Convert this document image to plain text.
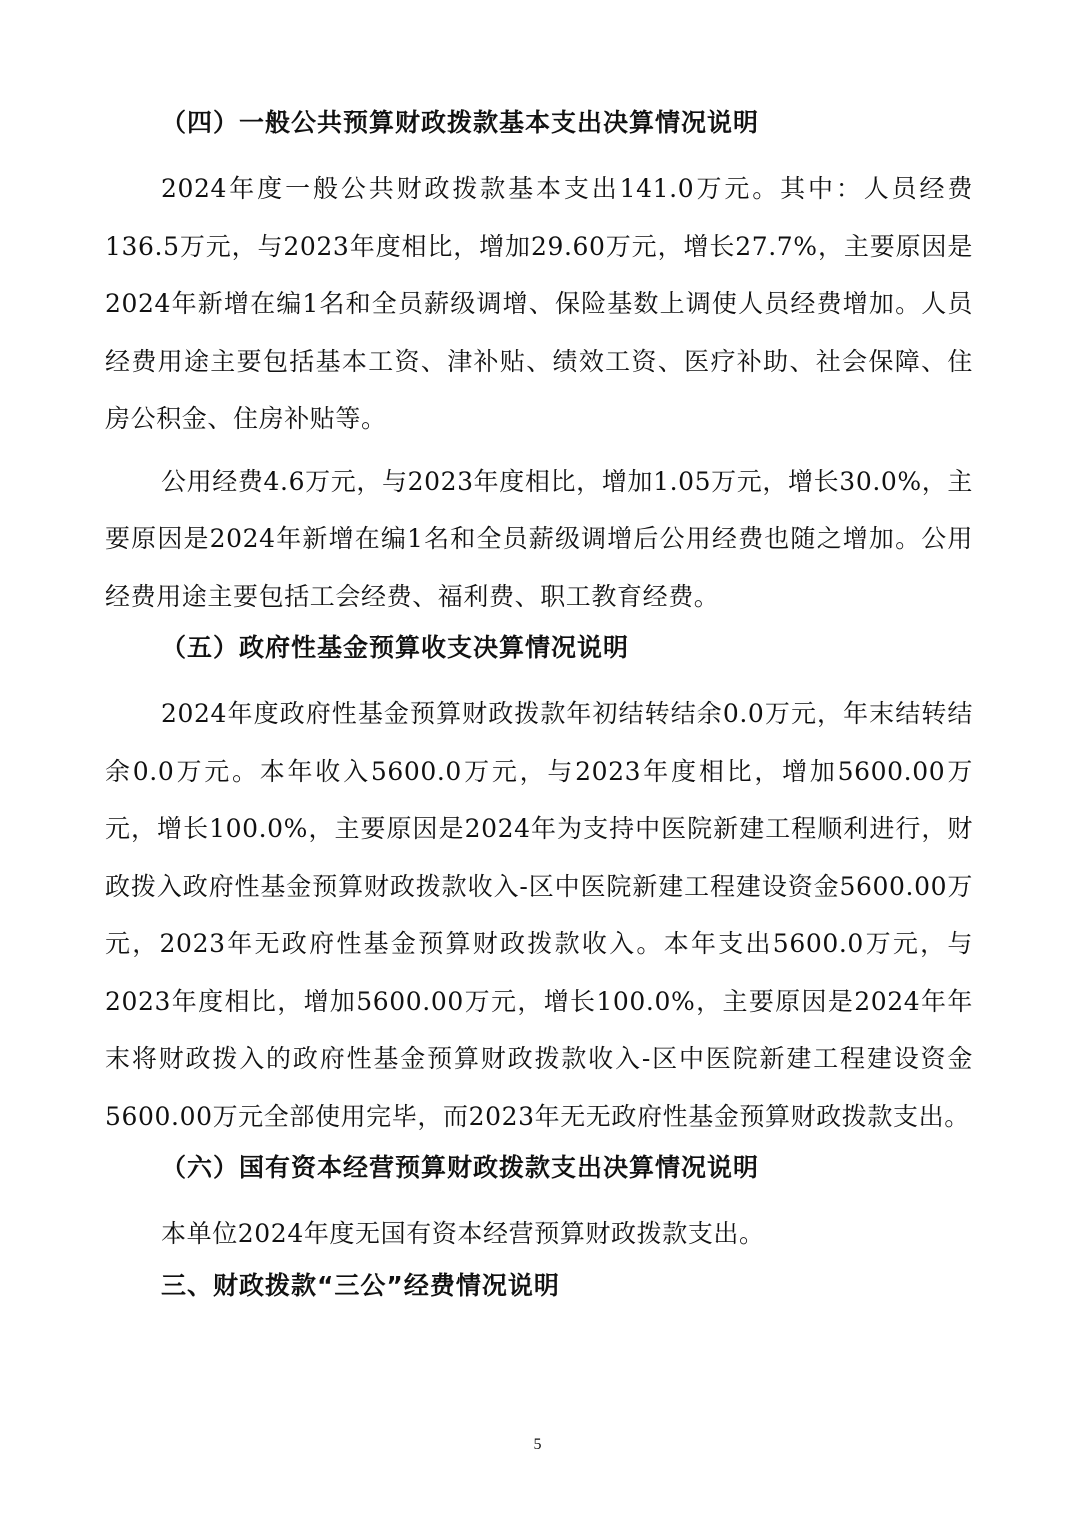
（四）一般公共预算财政拨款基本支出决算情况说明

2024年度一般公共财政拨款基本支出141.0万元。其中：人员经费136.5万元，与2023年度相比，增加29.60万元，增长27.7%，主要原因是2024年新增在编1名和全员薪级调增、保险基数上调使人员经费增加。人员经费用途主要包括基本工资、津补贴、绩效工资、医疗补助、社会保障、住房公积金、住房补贴等。

公用经费4.6万元，与2023年度相比，增加1.05万元，增长30.0%，主要原因是2024年新增在编1名和全员薪级调增后公用经费也随之增加。公用经费用途主要包括工会经费、福利费、职工教育经费。

（五）政府性基金预算收支决算情况说明

2024年度政府性基金预算财政拨款年初结转结余0.0万元，年末结转结余0.0万元。本年收入5600.0万元，与2023年度相比，增加5600.00万元，增长100.0%，主要原因是2024年为支持中医院新建工程顺利进行，财政拨入政府性基金预算财政拨款收入-区中医院新建工程建设资金5600.00万元，2023年无政府性基金预算财政拨款收入。本年支出5600.0万元，与2023年度相比，增加5600.00万元，增长100.0%，主要原因是2024年年末将财政拨入的政府性基金预算财政拨款收入-区中医院新建工程建设资金5600.00万元全部使用完毕，而2023年无无政府性基金预算财政拨款支出。

（六）国有资本经营预算财政拨款支出决算情况说明

本单位2024年度无国有资本经营预算财政拨款支出。

三、财政拨款“三公”经费情况说明
5
